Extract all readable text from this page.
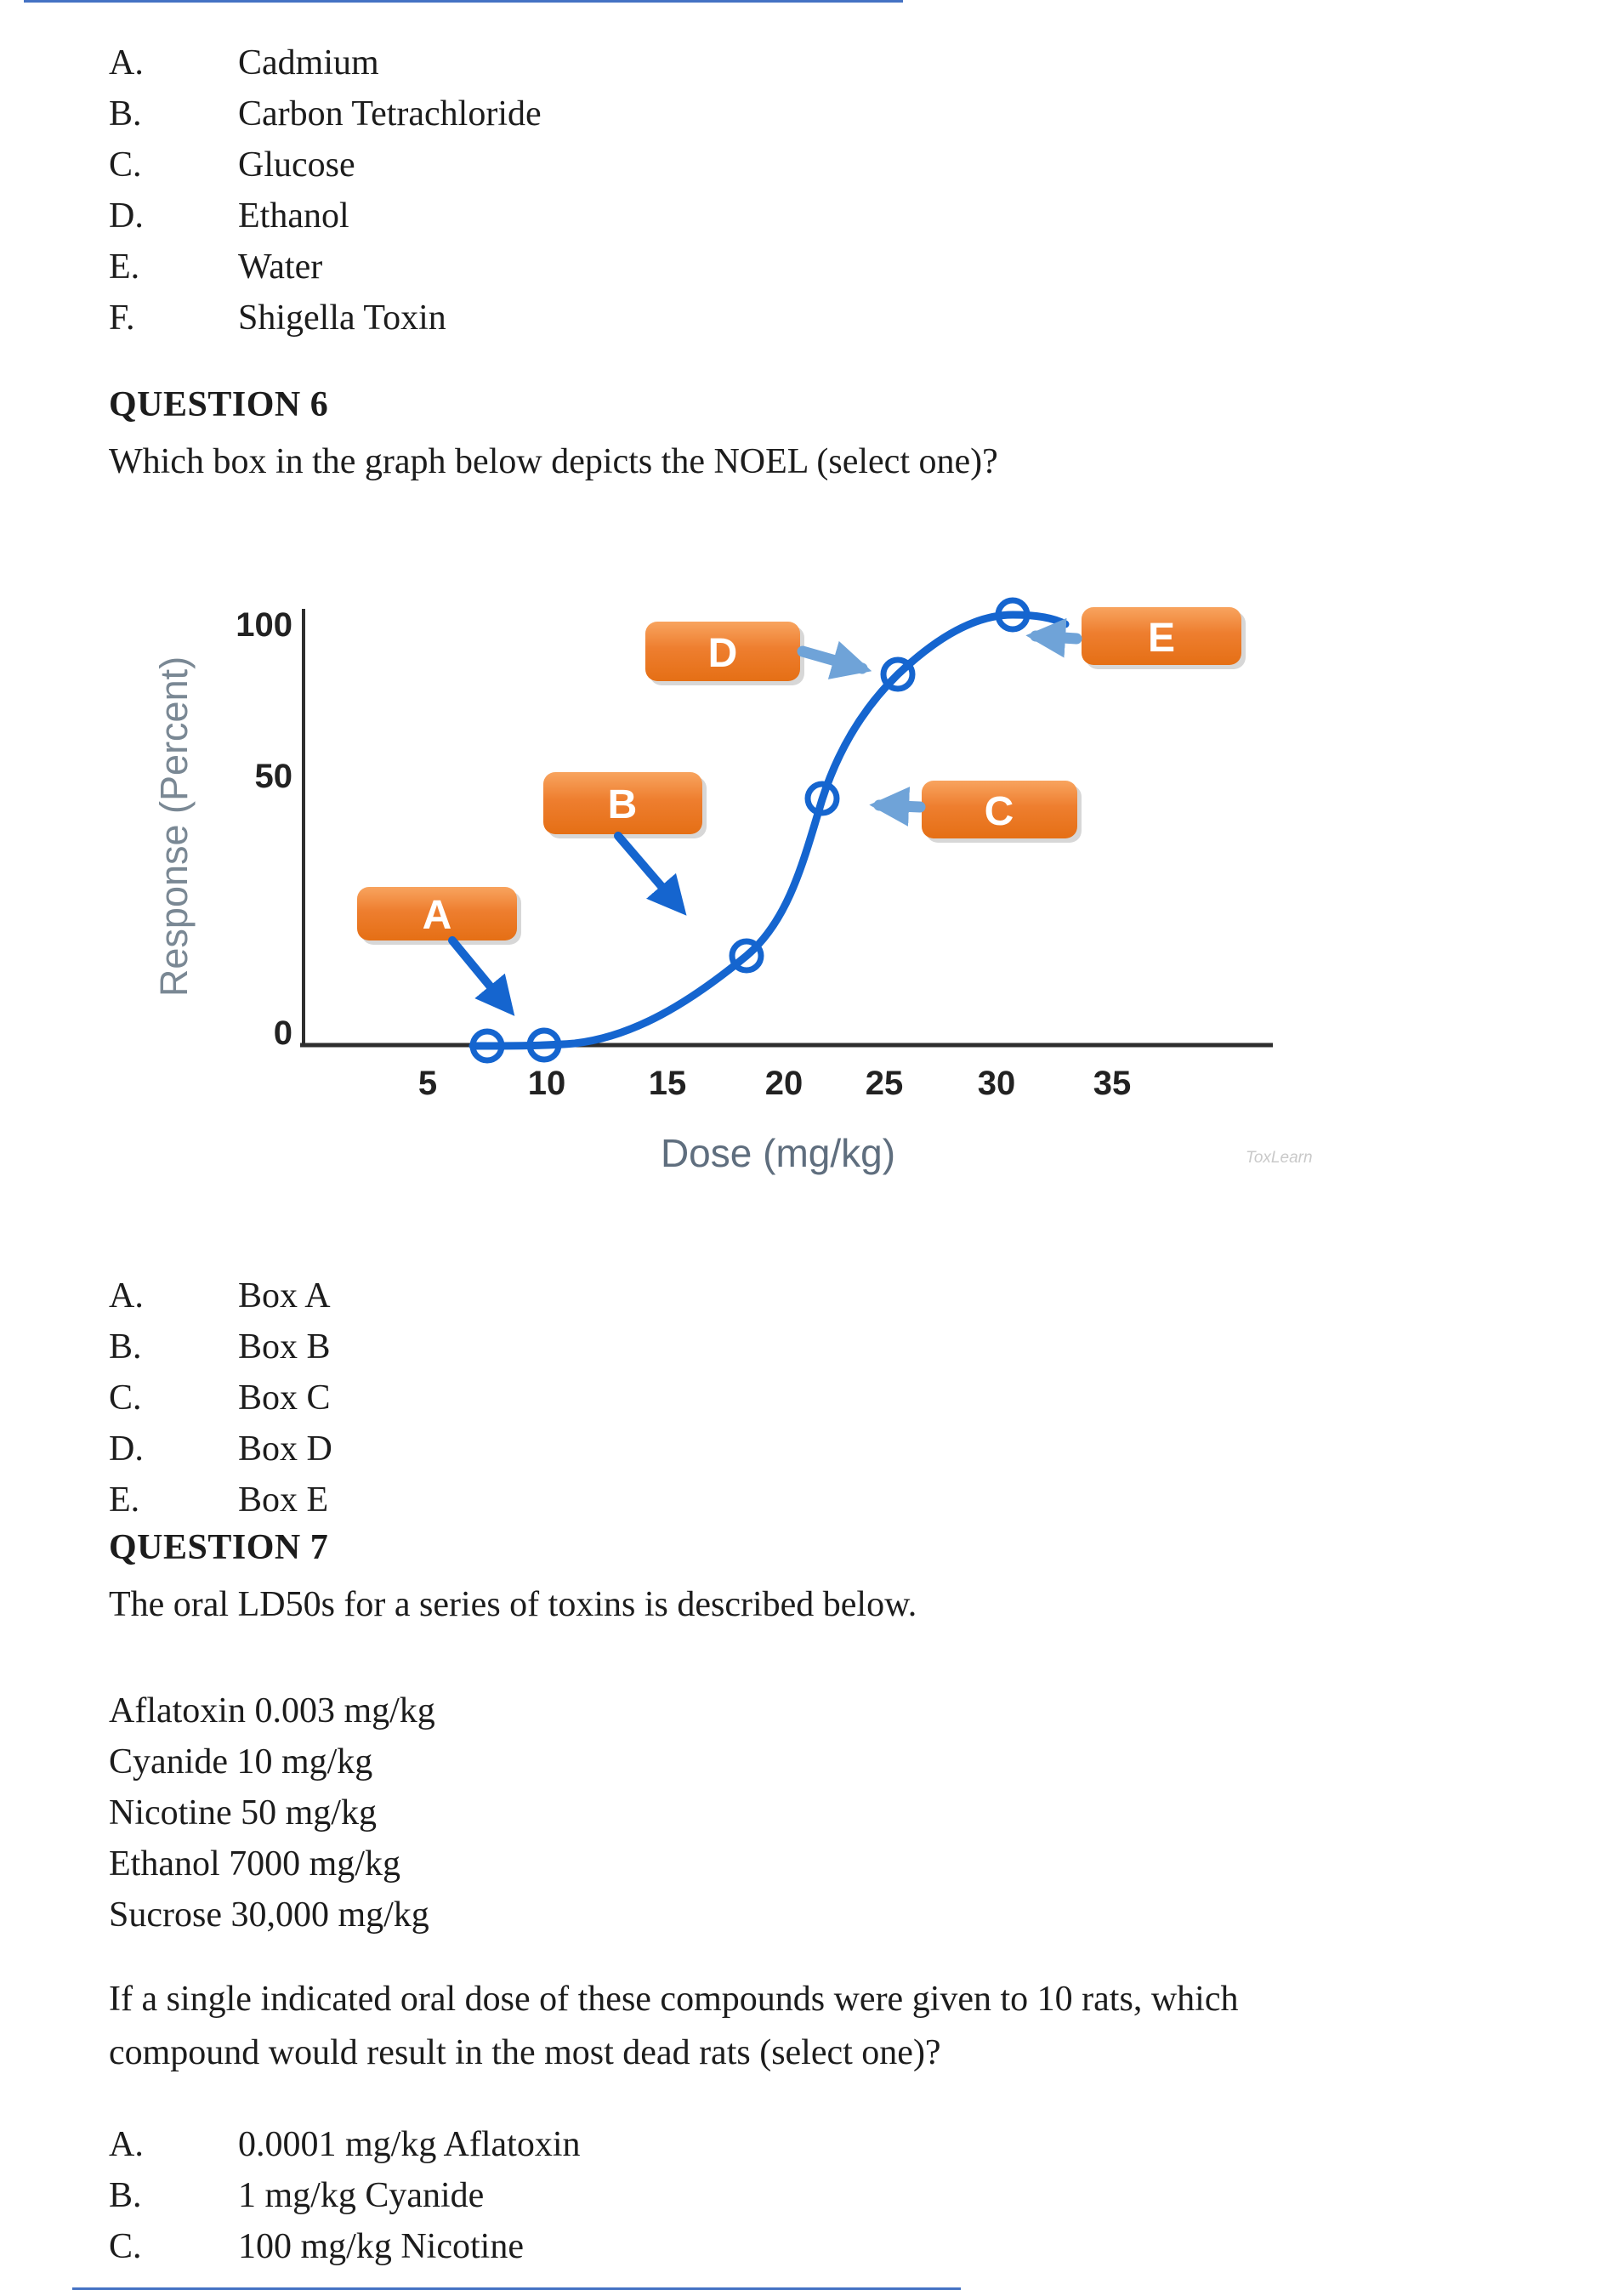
A.	Cadmium
B.	Carbon Tetrachloride
C.	Glucose
D.	Ethanol
E.	Water
F.	Shigella Toxin
QUESTION 6
Which box in the graph below depicts the NOEL (select one)?
100
50
0
5	10 15 20 25 30 35
Response (Percent)
Dose (mg/kg)	ToxLearn
A
B	C
D	E
A.	Box A
B.	Box B
C.	Box C
D.	Box D
E.	Box E
QUESTION 7
The oral LD50s for a series of toxins is described below.
Aflatoxin 0.003 mg/kg
Cyanide 10 mg/kg
Nicotine 50 mg/kg
Ethanol 7000 mg/kg
Sucrose 30,000 mg/kg
If a single indicated oral dose of these compounds were given to 10 rats, which
compound would result in the most dead rats (select one)?
A.	0.0001 mg/kg Aflatoxin
B.	1 mg/kg Cyanide
C.	100 mg/kg Nicotine
